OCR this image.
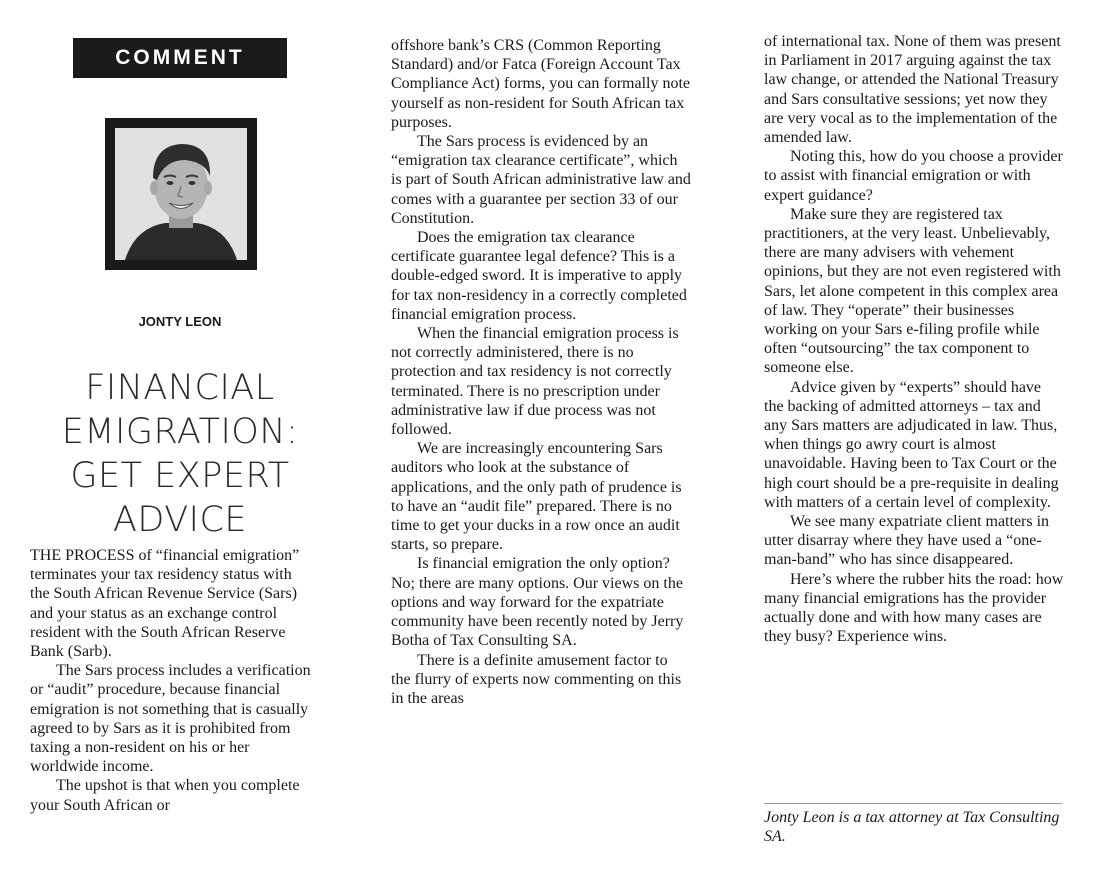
COMMENT
JONTY LEON
FINANCIAL EMIGRATION: GET EXPERT ADVICE

THE PROCESS of “financial emigration” terminates your tax residency status with the South African Revenue Service (Sars) and your status as an exchange control resident with the South African Reserve Bank (Sarb).

The Sars process includes a verification or “audit” procedure, because financial emigration is not something that is casually agreed to by Sars as it is prohibited from taxing a non-resident on his or her worldwide income.

The upshot is that when you complete your South African or

offshore bank’s CRS (Common Reporting Standard) and/or Fatca (Foreign Account Tax Compliance Act) forms, you can formally note yourself as non-resident for South African tax purposes.

The Sars process is evidenced by an “emigration tax clearance certificate”, which is part of South African administrative law and comes with a guarantee per section 33 of our Constitution.

Does the emigration tax clearance certificate guarantee legal defence? This is a double-edged sword. It is imperative to apply for tax non-residency in a correctly completed financial emigration process.

When the financial emigration process is not correctly administered, there is no protection and tax residency is not correctly terminated. There is no prescription under administrative law if due process was not followed.

We are increasingly encountering Sars auditors who look at the substance of applications, and the only path of prudence is to have an “audit file” prepared. There is no time to get your ducks in a row once an audit starts, so prepare.

Is financial emigration the only option? No; there are many options. Our views on the options and way forward for the expatriate community have been recently noted by Jerry Botha of Tax Consulting SA.

There is a definite amusement factor to the flurry of experts now commenting on this in the areas

of international tax. None of them was present in Parliament in 2017 arguing against the tax law change, or attended the National Treasury and Sars consultative sessions; yet now they are very vocal as to the implementation of the amended law.

Noting this, how do you choose a provider to assist with financial emigration or with expert guidance?

Make sure they are registered tax practitioners, at the very least. Unbelievably, there are many advisers with vehement opinions, but they are not even registered with Sars, let alone competent in this complex area of law. They “operate” their businesses working on your Sars e-filing profile while often “outsourcing” the tax component to someone else.

Advice given by “experts” should have the backing of admitted attorneys – tax and any Sars matters are adjudicated in law. Thus, when things go awry court is almost unavoidable. Having been to Tax Court or the high court should be a pre-requisite in dealing with matters of a certain level of complexity.

We see many expatriate client matters in utter disarray where they have used a “one-man-band” who has since disappeared.

Here’s where the rubber hits the road: how many financial emigrations has the provider actually done and with how many cases are they busy? Experience wins.

Jonty Leon is a tax attorney at Tax Consulting SA.
